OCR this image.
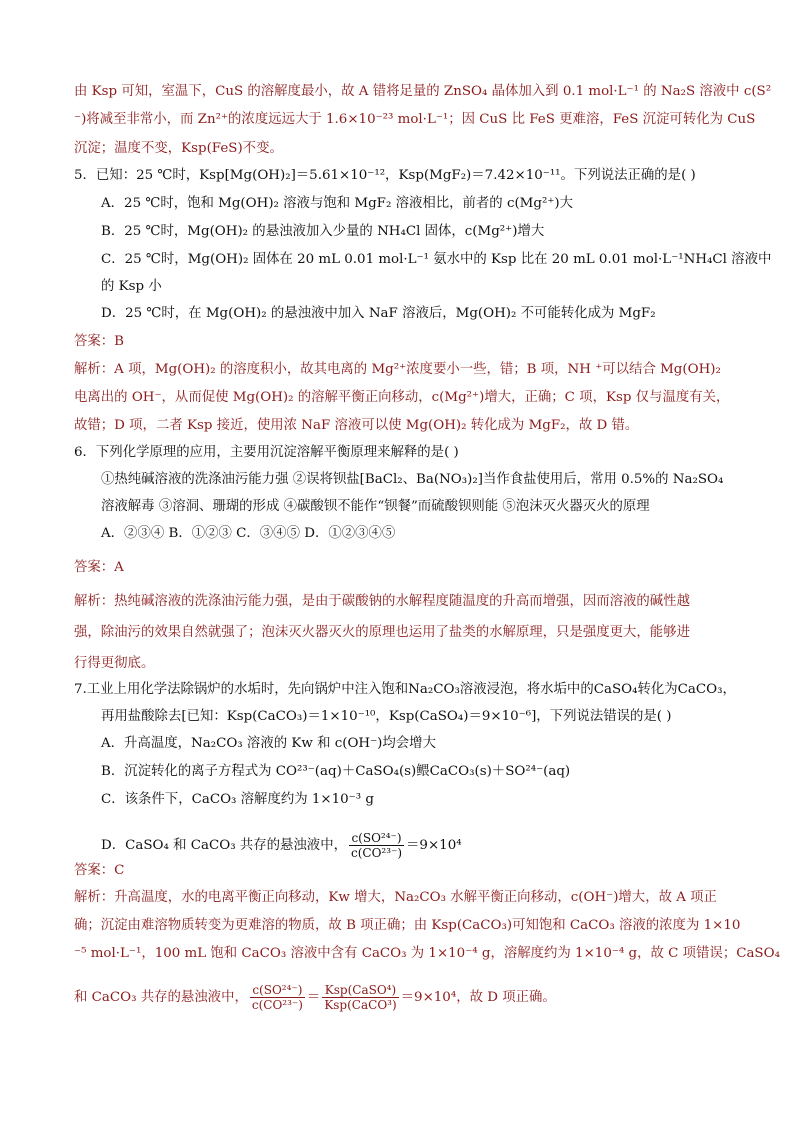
D．CaSO₄ 和 CaCO₃ 共存的悬浊液中， $\frac{\text{c(SO²⁴⁻)}}{\text{c(CO²³⁻)}} =9\times 10^4$
和 CaCO₃ 共存的悬浊液中， $\frac{\text{c(SO²⁴⁻)}}{\text{c(CO²³⁻)}} = \frac{\text{Ksp(CaSO⁴)}}{\text{Ksp(CaCO³)}} =9\times 10^4$，故 D 项正确。
由 Ksp 可知，室温下，CuS 的溶解度最小，故 A 错将足量的 ZnSO₄ 晶体加入到 0.1 mol·L⁻¹ 的 Na₂S 溶液中 c(S²
⁻)将减至非常小，而 Zn²⁺的浓度远远大于 1.6×10⁻²³ mol·L⁻¹；因 CuS 比 FeS 更难溶，FeS 沉淀可转化为 CuS
沉淀；温度不变，Ksp(FeS)不变。
5．已知：25 ℃时，Ksp[Mg(OH)₂]＝5.61×10⁻¹²，Ksp(MgF₂)＝7.42×10⁻¹¹。下列说法正确的是( )
A．25 ℃时，饱和 Mg(OH)₂ 溶液与饱和 MgF₂ 溶液相比，前者的 c(Mg²⁺)大
B．25 ℃时，Mg(OH)₂ 的悬浊液加入少量的 NH₄Cl 固体，c(Mg²⁺)增大
C．25 ℃时，Mg(OH)₂ 固体在 20 mL 0.01 mol·L⁻¹ 氨水中的 Ksp 比在 20 mL 0.01 mol·L⁻¹NH₄Cl 溶液中
的 Ksp 小
D．25 ℃时，在 Mg(OH)₂ 的悬浊液中加入 NaF 溶液后，Mg(OH)₂ 不可能转化成为 MgF₂
答案：B
解析：A 项，Mg(OH)₂ 的溶度积小，故其电离的 Mg²⁺浓度要小一些，错；B 项，NH ⁺可以结合 Mg(OH)₂
电离出的 OH⁻，从而促使 Mg(OH)₂ 的溶解平衡正向移动，c(Mg²⁺)增大，正确；C 项，Ksp 仅与温度有关，
故错；D 项，二者 Ksp 接近，使用浓 NaF 溶液可以使 Mg(OH)₂ 转化成为 MgF₂，故 D 错。
6．下列化学原理的应用，主要用沉淀溶解平衡原理来解释的是( )
①热纯碱溶液的洗涤油污能力强 ②误将钡盐[BaCl₂、Ba(NO₃)₂]当作食盐使用后，常用 0.5%的 Na₂SO₄
溶液解毒 ③溶洞、珊瑚的形成 ④碳酸钡不能作“钡餐”而硫酸钡则能 ⑤泡沫灭火器灭火的原理
A．②③④ B．①②③ C．③④⑤ D．①②③④⑤
答案：A
解析：热纯碱溶液的洗涤油污能力强，是由于碳酸钠的水解程度随温度的升高而增强，因而溶液的碱性越
强，除油污的效果自然就强了；泡沫灭火器灭火的原理也运用了盐类的水解原理，只是强度更大，能够进
行得更彻底。
7.工业上用化学法除锅炉的水垢时，先向锅炉中注入饱和Na₂CO₃溶液浸泡，将水垢中的CaSO₄转化为CaCO₃，
再用盐酸除去[已知：Ksp(CaCO₃)＝1×10⁻¹⁰，Ksp(CaSO₄)＝9×10⁻⁶]，下列说法错误的是( )
A．升高温度，Na₂CO₃ 溶液的 Kw 和 c(OH⁻)均会增大
B．沉淀转化的离子方程式为 CO²³⁻(aq)＋CaSO₄(s)鳂CaCO₃(s)＋SO²⁴⁻(aq)
C．该条件下，CaCO₃ 溶解度约为 1×10⁻³ g
答案：C
解析：升高温度，水的电离平衡正向移动，Kw 增大，Na₂CO₃ 水解平衡正向移动，c(OH⁻)增大，故 A 项正
确；沉淀由难溶物质转变为更难溶的物质，故 B 项正确；由 Ksp(CaCO₃)可知饱和 CaCO₃ 溶液的浓度为 1×10
⁻⁵ mol·L⁻¹，100 mL 饱和 CaCO₃ 溶液中含有 CaCO₃ 为 1×10⁻⁴ g，溶解度约为 1×10⁻⁴ g，故 C 项错误；CaSO₄
